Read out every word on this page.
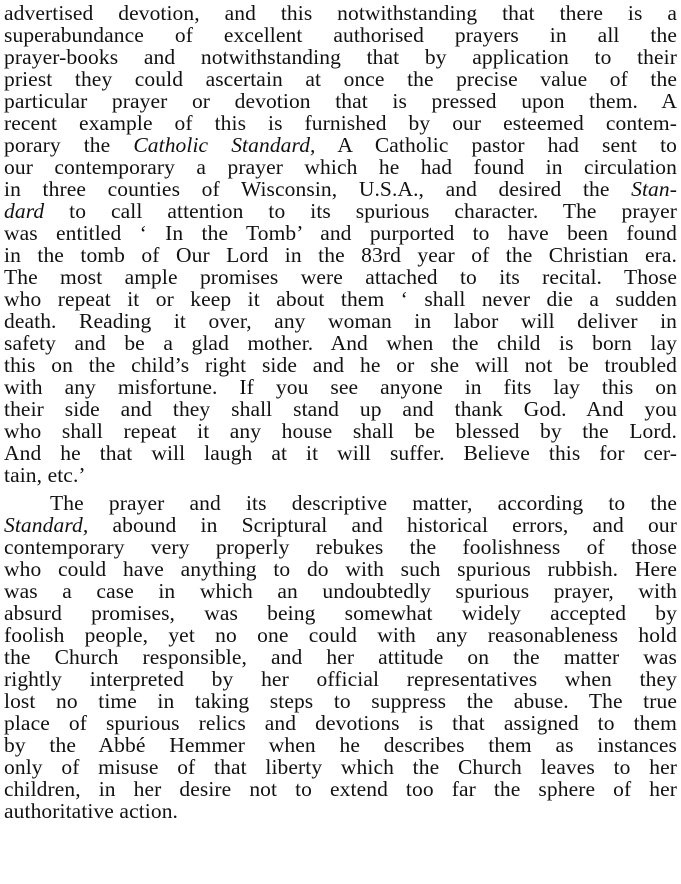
advertised devotion, and this notwithstanding that there is a
superabundance of excellent authorised prayers in all the
prayer-books and notwithstanding that by application to their
priest they could ascertain at once the precise value of the
particular prayer or devotion that is pressed upon them. A
recent example of this is furnished by our esteemed contem-
porary the Catholic Standard, A Catholic pastor had sent to
our contemporary a prayer which he had found in circulation
in three counties of Wisconsin, U.S.A., and desired the Stan-
dard to call attention to its spurious character. The prayer
was entitled ‘ In the Tomb’ and purported to have been found
in the tomb of Our Lord in the 83rd year of the Christian era.
The most ample promises were attached to its recital. Those
who repeat it or keep it about them ‘ shall never die a sudden
death. Reading it over, any woman in labor will deliver in
safety and be a glad mother. And when the child is born lay
this on the child’s right side and he or she will not be troubled
with any misfortune. If you see anyone in fits lay this on
their side and they shall stand up and thank God. And you
who shall repeat it any house shall be blessed by the Lord.
And he that will laugh at it will suffer. Believe this for cer-
tain, etc.’
The prayer and its descriptive matter, according to the
Standard, abound in Scriptural and historical errors, and our
contemporary very properly rebukes the foolishness of those
who could have anything to do with such spurious rubbish. Here
was a case in which an undoubtedly spurious prayer, with
absurd promises, was being somewhat widely accepted by
foolish people, yet no one could with any reasonableness hold
the Church responsible, and her attitude on the matter was
rightly interpreted by her official representatives when they
lost no time in taking steps to suppress the abuse. The true
place of spurious relics and devotions is that assigned to them
by the Abbé Hemmer when he describes them as instances
only of misuse of that liberty which the Church leaves to her
children, in her desire not to extend too far the sphere of her
authoritative action.
